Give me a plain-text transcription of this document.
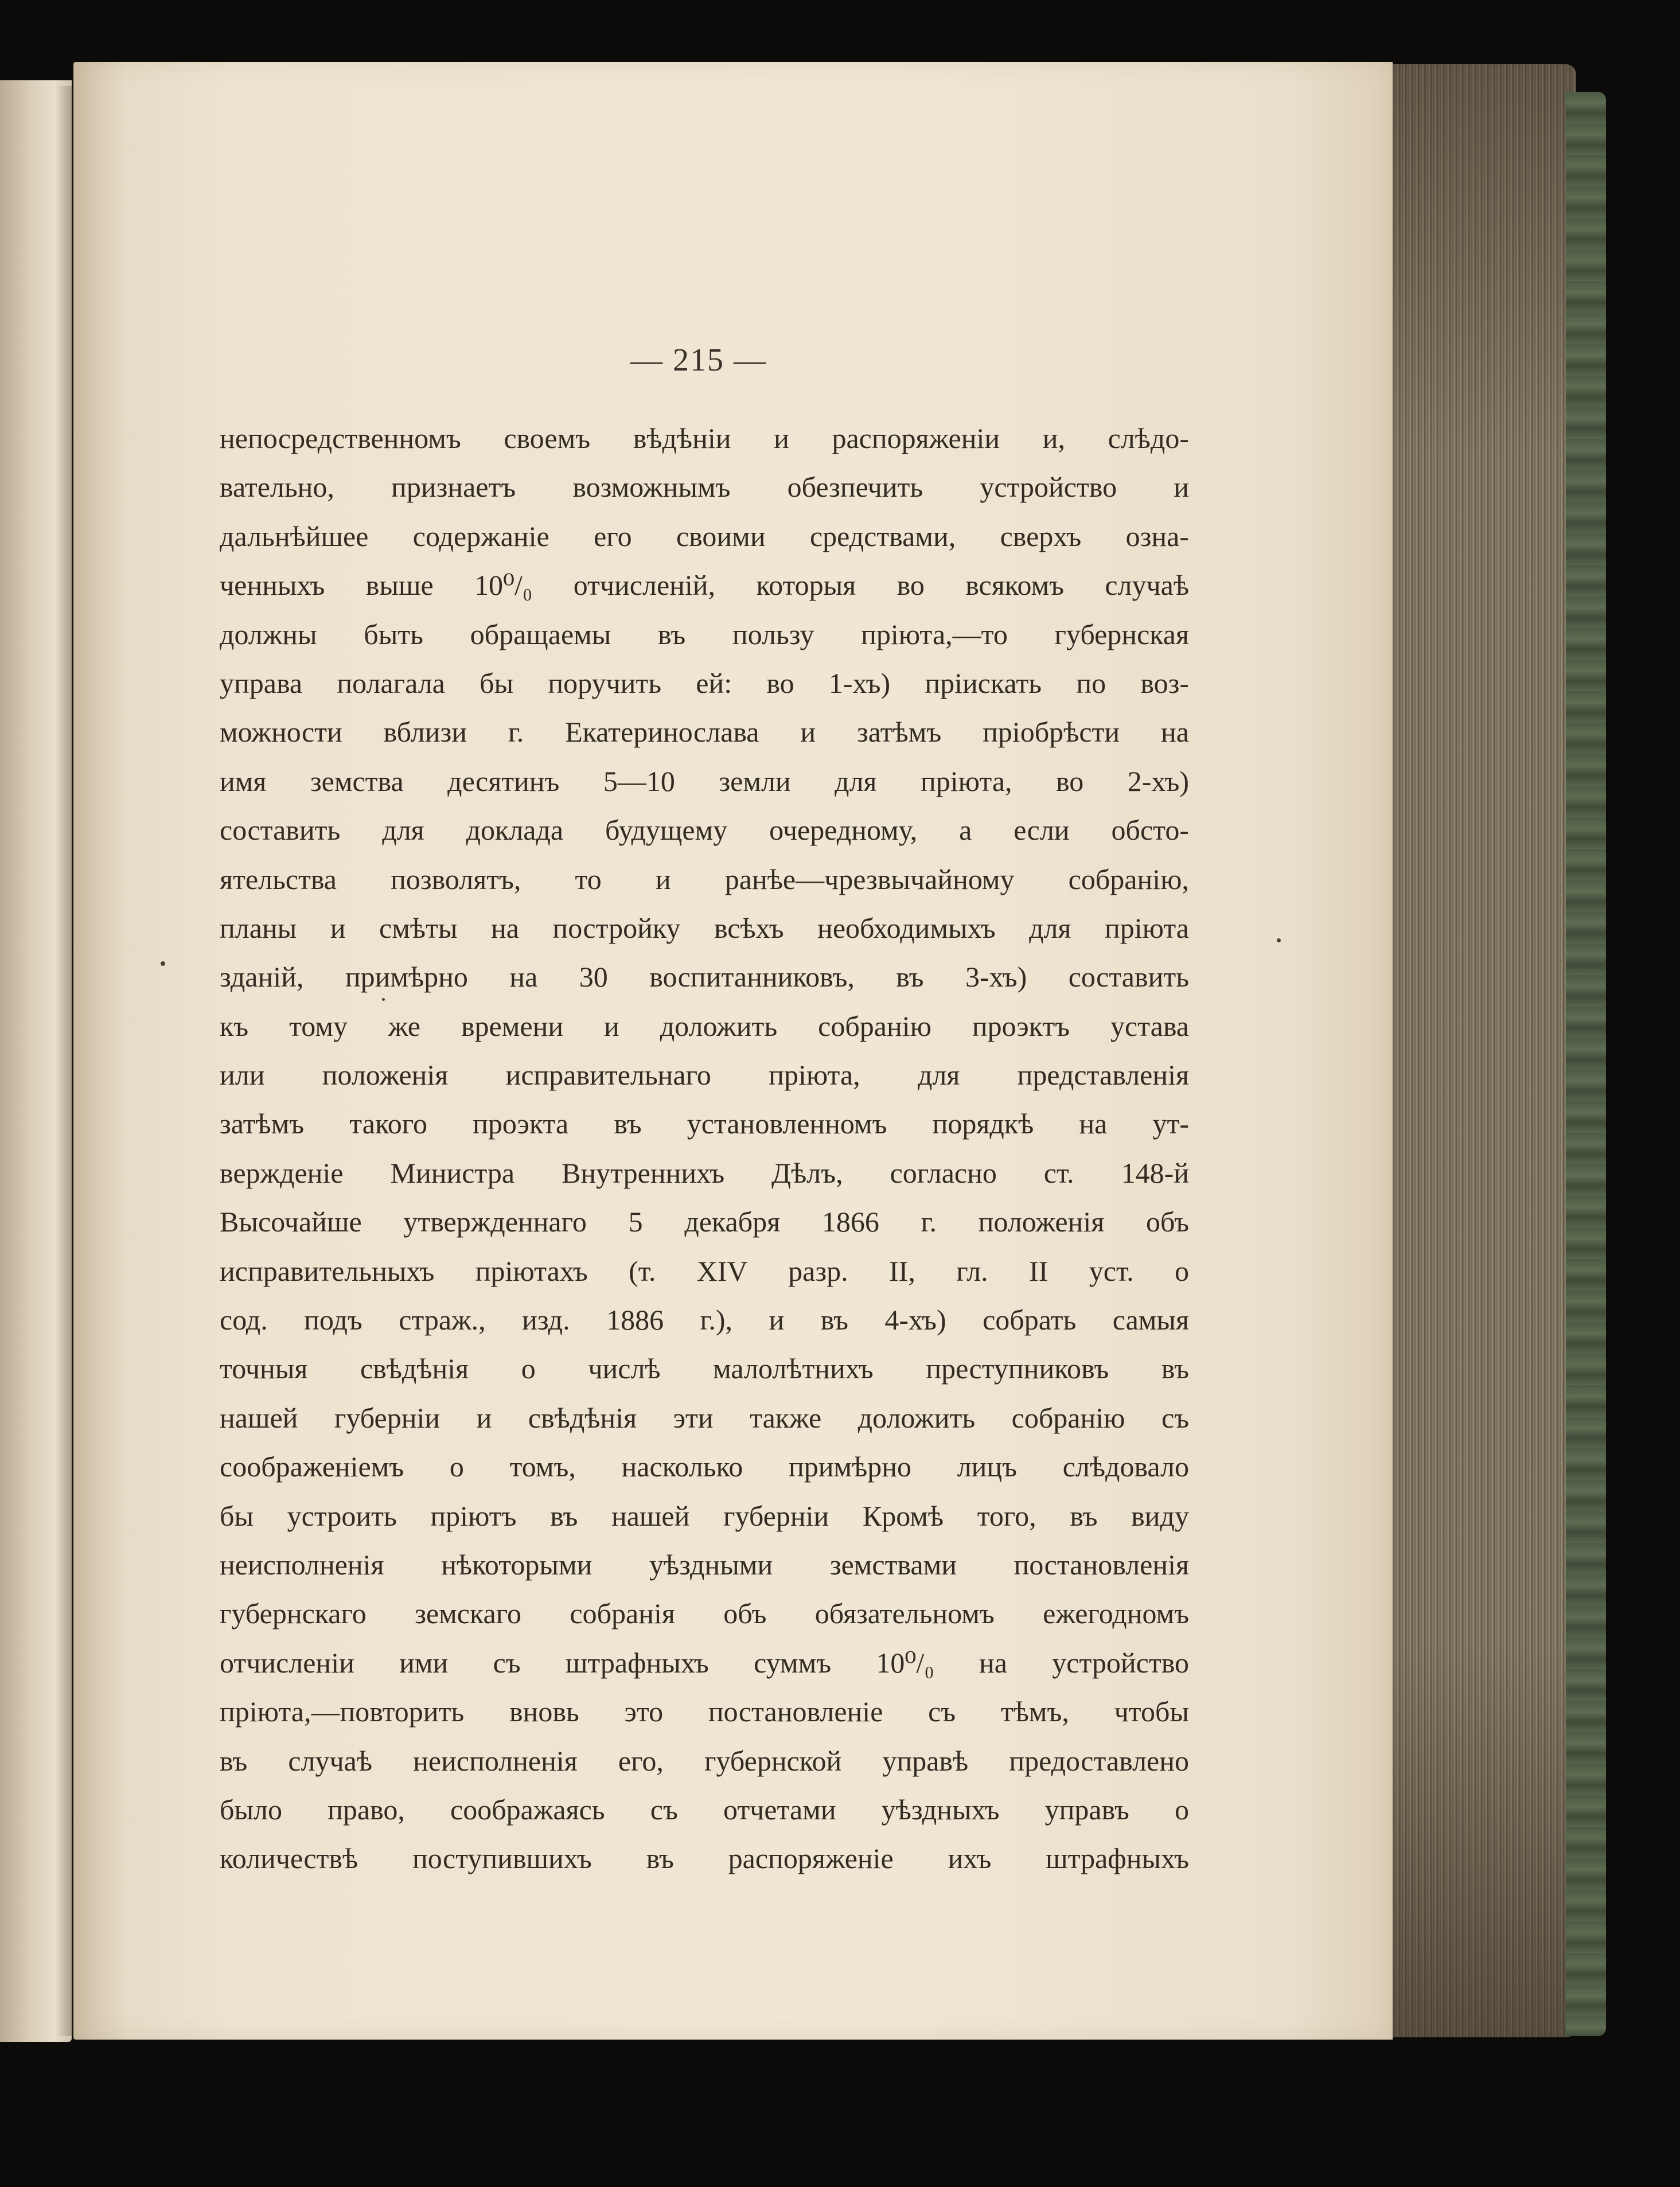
— 215 —
непосредственномъ своемъ вѣдѣніи и распоряженіи и, слѣдо-
вательно, признаетъ возможнымъ обезпечить устройство и
дальнѣйшее содержаніе его своими средствами, сверхъ озна-
ченныхъ выше 10⁰/₀ отчисленій, которыя во всякомъ случаѣ
должны быть обращаемы въ пользу пріюта,—то губернская
управа полагала бы поручить ей: во 1-хъ) пріискать по воз-
можности вблизи г. Екатеринослава и затѣмъ пріобрѣсти на
имя земства десятинъ 5—10 земли для пріюта, во 2-хъ)
составить для доклада будущему очередному, а если обсто-
ятельства позволятъ, то и ранѣе—чрезвычайному собранію,
планы и смѣты на постройку всѣхъ необходимыхъ для пріюта
зданій, примѣрно на 30 воспитанниковъ, въ 3-хъ) составить
къ тому же времени и доложить собранію проэктъ устава
или положенія исправительнаго пріюта, для представленія
затѣмъ такого проэкта въ установленномъ порядкѣ на ут-
вержденіе Министра Внутреннихъ Дѣлъ, согласно ст. 148-й
Высочайше утвержденнаго 5 декабря 1866 г. положенія объ
исправительныхъ пріютахъ (т. XIV разр. II, гл. II уст. о
сод. подъ страж., изд. 1886 г.), и въ 4-хъ) собрать самыя
точныя свѣдѣнія о числѣ малолѣтнихъ преступниковъ въ
нашей губерніи и свѣдѣнія эти также доложить собранію съ
соображеніемъ о томъ, насколько примѣрно лицъ слѣдовало
бы устроить пріютъ въ нашей губерніи Кромѣ того, въ виду
неисполненія нѣкоторыми уѣздными земствами постановленія
губернскаго земскаго собранія объ обязательномъ ежегодномъ
отчисленіи ими съ штрафныхъ суммъ 10⁰/₀ на устройство
пріюта,—повторить вновь это постановленіе съ тѣмъ, чтобы
въ случаѣ неисполненія его, губернской управѣ предоставлено
было право, соображаясь съ отчетами уѣздныхъ управъ о
количествѣ поступившихъ въ распоряженіе ихъ штрафныхъ
